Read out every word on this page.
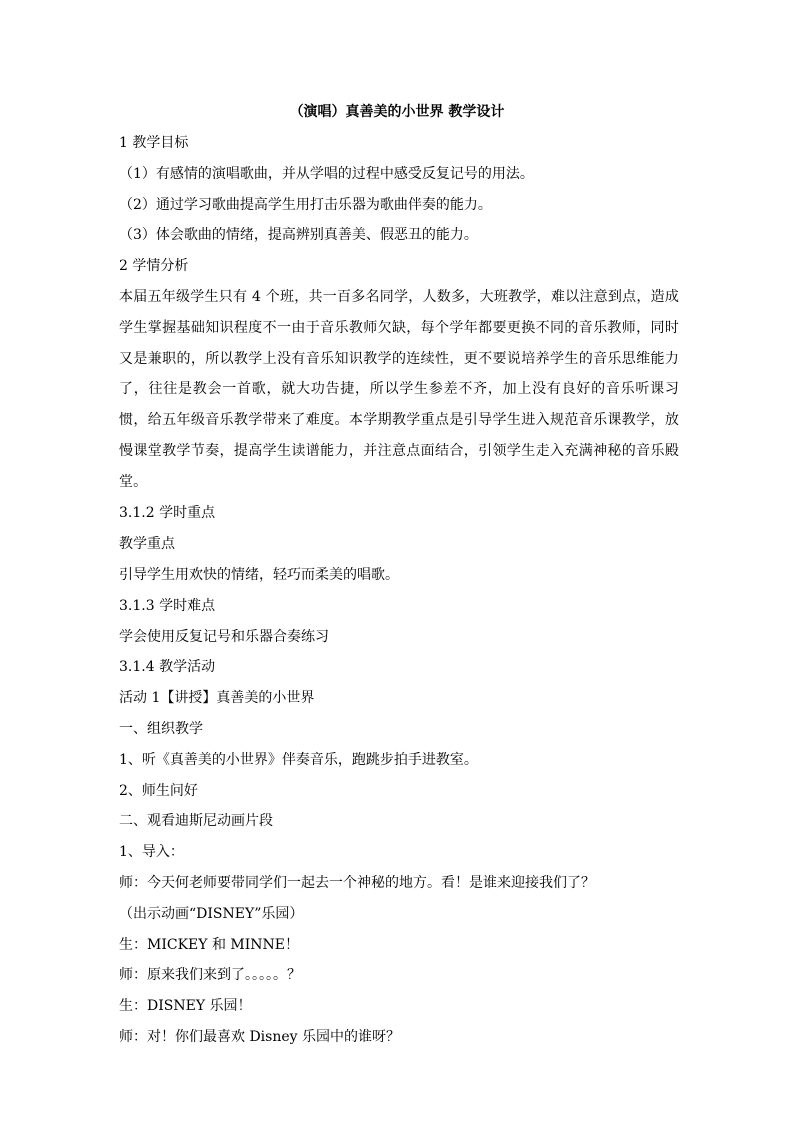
（演唱）真善美的小世界 教学设计
1 教学目标
（1）有感情的演唱歌曲，并从学唱的过程中感受反复记号的用法。
（2）通过学习歌曲提高学生用打击乐器为歌曲伴奏的能力。
（3）体会歌曲的情绪，提高辨别真善美、假恶丑的能力。
2 学情分析
本届五年级学生只有 4 个班，共一百多名同学，人数多，大班教学，难以注意到点，造成学生掌握基础知识程度不一由于音乐教师欠缺，每个学年都要更换不同的音乐教师，同时又是兼职的，所以教学上没有音乐知识教学的连续性，更不要说培养学生的音乐思维能力了，往往是教会一首歌，就大功告捷，所以学生参差不齐，加上没有良好的音乐听课习惯，给五年级音乐教学带来了难度。本学期教学重点是引导学生进入规范音乐课教学，放慢课堂教学节奏，提高学生读谱能力，并注意点面结合，引领学生走入充满神秘的音乐殿堂。
3.1.2 学时重点
教学重点
引导学生用欢快的情绪，轻巧而柔美的唱歌。
3.1.3 学时难点
学会使用反复记号和乐器合奏练习
3.1.4 教学活动
活动 1【讲授】真善美的小世界
一、组织教学
1、听《真善美的小世界》伴奏音乐，跑跳步拍手进教室。
2、师生问好
二、观看迪斯尼动画片段
1、导入：
师：今天何老师要带同学们一起去一个神秘的地方。看！是谁来迎接我们了？
（出示动画“DISNEY”乐园）
生：MICKEY 和 MINNE！
师：原来我们来到了。。。。。？
生：DISNEY 乐园！
师：对！你们最喜欢 Disney 乐园中的谁呀？
